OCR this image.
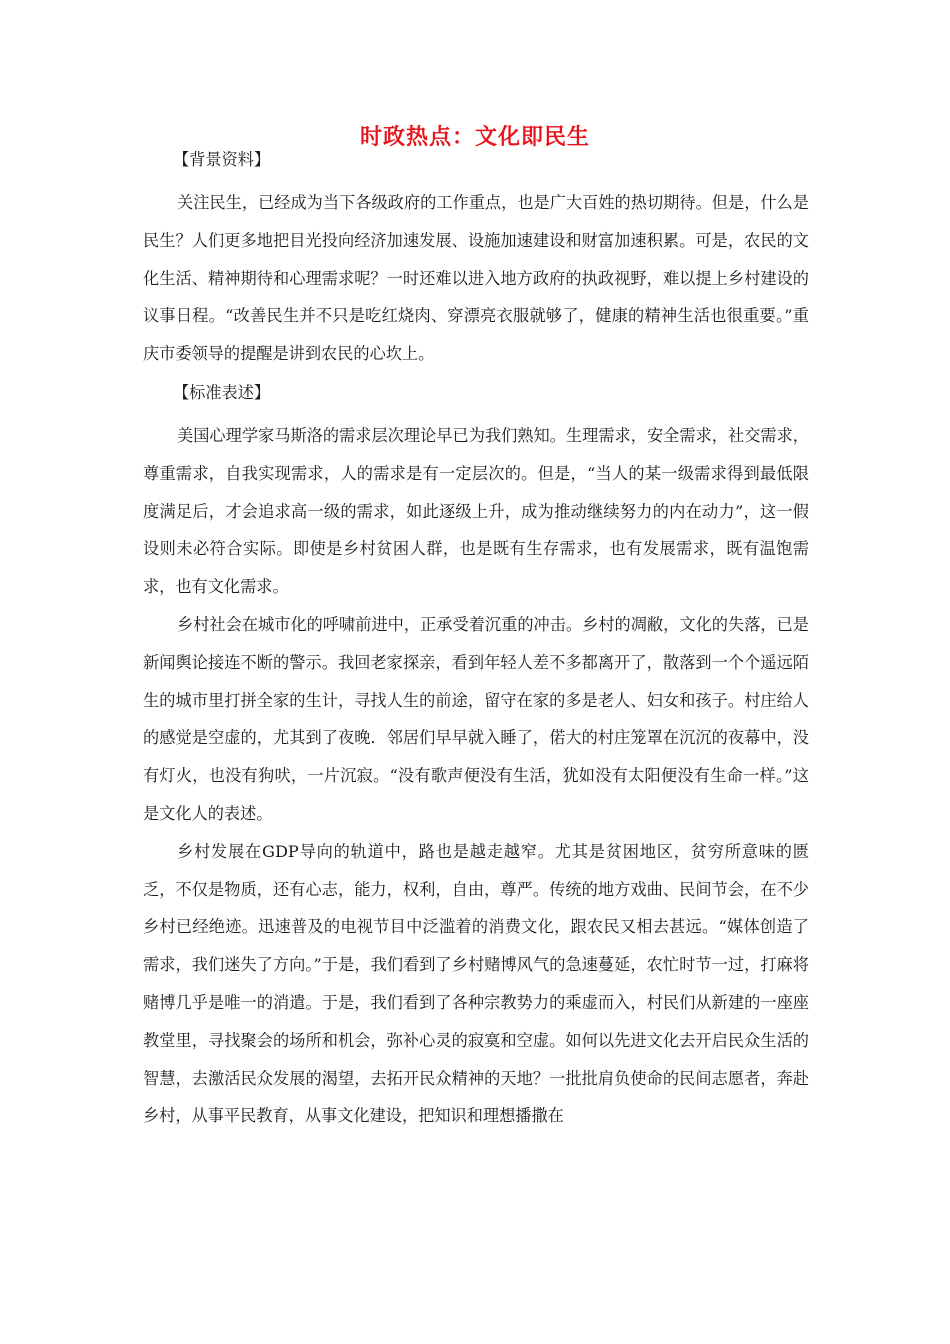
时政热点：文化即民生
【背景资料】

关注民生，已经成为当下各级政府的工作重点，也是广大百姓的热切期待。但是，什么是民生？人们更多地把目光投向经济加速发展、设施加速建设和财富加速积累。可是，农民的文化生活、精神期待和心理需求呢？一时还难以进入地方政府的执政视野，难以提上乡村建设的议事日程。“改善民生并不只是吃红烧肉、穿漂亮衣服就够了，健康的精神生活也很重要。”重庆市委领导的提醒是讲到农民的心坎上。

【标准表述】

美国心理学家马斯洛的需求层次理论早已为我们熟知。生理需求，安全需求，社交需求，尊重需求，自我实现需求，人的需求是有一定层次的。但是，“当人的某一级需求得到最低限度满足后，才会追求高一级的需求，如此逐级上升，成为推动继续努力的内在动力”，这一假设则未必符合实际。即使是乡村贫困人群，也是既有生存需求，也有发展需求，既有温饱需求，也有文化需求。

乡村社会在城市化的呼啸前进中，正承受着沉重的冲击。乡村的凋敝，文化的失落，已是新闻舆论接连不断的警示。我回老家探亲，看到年轻人差不多都离开了，散落到一个个遥远陌生的城市里打拼全家的生计，寻找人生的前途，留守在家的多是老人、妇女和孩子。村庄给人的感觉是空虚的，尤其到了夜晚．邻居们早早就入睡了，偌大的村庄笼罩在沉沉的夜幕中，没有灯火，也没有狗吠，一片沉寂。“没有歌声便没有生活，犹如没有太阳便没有生命一样。”这是文化人的表述。

乡村发展在GDP导向的轨道中，路也是越走越窄。尤其是贫困地区，贫穷所意味的匮乏，不仅是物质，还有心志，能力，权利，自由，尊严。传统的地方戏曲、民间节会，在不少乡村已经绝迹。迅速普及的电视节目中泛滥着的消费文化，跟农民又相去甚远。“媒体创造了需求，我们迷失了方向。”于是，我们看到了乡村赌博风气的急速蔓延，农忙时节一过，打麻将赌博几乎是唯一的消遣。于是，我们看到了各种宗教势力的乘虚而入，村民们从新建的一座座教堂里，寻找聚会的场所和机会，弥补心灵的寂寞和空虚。如何以先进文化去开启民众生活的智慧，去激活民众发展的渴望，去拓开民众精神的天地？一批批肩负使命的民间志愿者，奔赴乡村，从事平民教育，从事文化建设，把知识和理想播撒在
